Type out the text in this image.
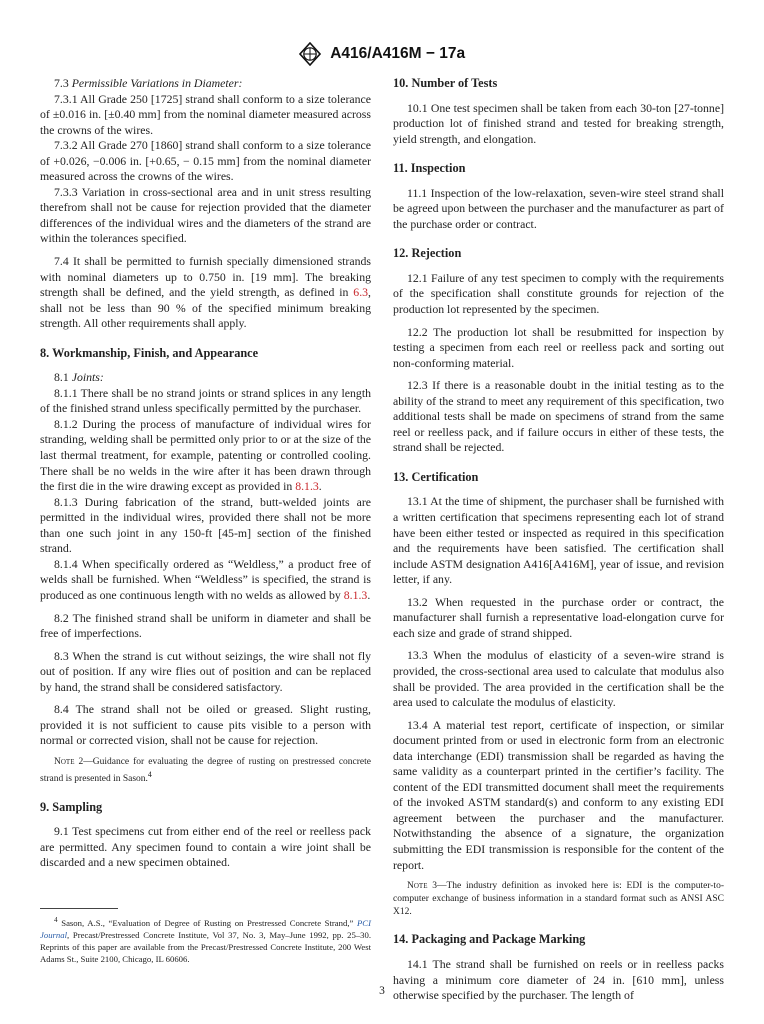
A416/A416M − 17a

7.3 Permissible Variations in Diameter:

7.3.1 All Grade 250 [1725] strand shall conform to a size tolerance of ±0.016 in. [±0.40 mm] from the nominal diameter measured across the crowns of the wires.

7.3.2 All Grade 270 [1860] strand shall conform to a size tolerance of +0.026, −0.006 in. [+0.65, − 0.15 mm] from the nominal diameter measured across the crowns of the wires.

7.3.3 Variation in cross-sectional area and in unit stress resulting therefrom shall not be cause for rejection provided that the diameter differences of the individual wires and the diameters of the strand are within the tolerances specified.

7.4 It shall be permitted to furnish specially dimensioned strands with nominal diameters up to 0.750 in. [19 mm]. The breaking strength shall be defined, and the yield strength, as defined in 6.3, shall not be less than 90 % of the specified minimum breaking strength. All other requirements shall apply.

8. Workmanship, Finish, and Appearance

8.1 Joints:

8.1.1 There shall be no strand joints or strand splices in any length of the finished strand unless specifically permitted by the purchaser.

8.1.2 During the process of manufacture of individual wires for stranding, welding shall be permitted only prior to or at the size of the last thermal treatment, for example, patenting or controlled cooling. There shall be no welds in the wire after it has been drawn through the first die in the wire drawing except as provided in 8.1.3.

8.1.3 During fabrication of the strand, butt-welded joints are permitted in the individual wires, provided there shall not be more than one such joint in any 150-ft [45-m] section of the finished strand.

8.1.4 When specifically ordered as “Weldless,” a product free of welds shall be furnished. When “Weldless” is specified, the strand is produced as one continuous length with no welds as allowed by 8.1.3.

8.2 The finished strand shall be uniform in diameter and shall be free of imperfections.

8.3 When the strand is cut without seizings, the wire shall not fly out of position. If any wire flies out of position and can be replaced by hand, the strand shall be considered satisfactory.

8.4 The strand shall not be oiled or greased. Slight rusting, provided it is not sufficient to cause pits visible to a person with normal or corrected vision, shall not be cause for rejection.

Note 2—Guidance for evaluating the degree of rusting on prestressed concrete strand is presented in Sason.$^4$
9. Sampling

9.1 Test specimens cut from either end of the reel or reelless pack are permitted. Any specimen found to contain a wire joint shall be discarded and a new specimen obtained.

$^4$ Sason, A.S., “Evaluation of Degree of Rusting on Prestressed Concrete Strand,” PCI Journal, Precast/Prestressed Concrete Institute, Vol 37, No. 3, May–June 1992, pp. 25–30. Reprints of this paper are available from the Precast/Prestressed Concrete Institute, 200 West Adams St., Suite 2100, Chicago, IL 60606.
10. Number of Tests

10.1 One test specimen shall be taken from each 30-ton [27-tonne] production lot of finished strand and tested for breaking strength, yield strength, and elongation.

11. Inspection

11.1 Inspection of the low-relaxation, seven-wire steel strand shall be agreed upon between the purchaser and the manufacturer as part of the purchase order or contract.

12. Rejection

12.1 Failure of any test specimen to comply with the requirements of the specification shall constitute grounds for rejection of the production lot represented by the specimen.

12.2 The production lot shall be resubmitted for inspection by testing a specimen from each reel or reelless pack and sorting out non-conforming material.

12.3 If there is a reasonable doubt in the initial testing as to the ability of the strand to meet any requirement of this specification, two additional tests shall be made on specimens of strand from the same reel or reelless pack, and if failure occurs in either of these tests, the strand shall be rejected.

13. Certification

13.1 At the time of shipment, the purchaser shall be furnished with a written certification that specimens representing each lot of strand have been either tested or inspected as required in this specification and the requirements have been satisfied. The certification shall include ASTM designation A416[A416M], year of issue, and revision letter, if any.

13.2 When requested in the purchase order or contract, the manufacturer shall furnish a representative load-elongation curve for each size and grade of strand shipped.

13.3 When the modulus of elasticity of a seven-wire strand is provided, the cross-sectional area used to calculate that modulus also shall be provided. The area provided in the certification shall be the area used to calculate the modulus of elasticity.

13.4 A material test report, certificate of inspection, or similar document printed from or used in electronic form from an electronic data interchange (EDI) transmission shall be regarded as having the same validity as a counterpart printed in the certifier’s facility. The content of the EDI transmitted document shall meet the requirements of the invoked ASTM standard(s) and conform to any existing EDI agreement between the purchaser and the manufacturer. Notwithstanding the absence of a signature, the organization submitting the EDI transmission is responsible for the content of the report.

Note 3—The industry definition as invoked here is: EDI is the computer-to-computer exchange of business information in a standard format such as ANSI ASC X12.
14. Packaging and Package Marking

14.1 The strand shall be furnished on reels or in reelless packs having a minimum core diameter of 24 in. [610 mm], unless otherwise specified by the purchaser. The length of

3
